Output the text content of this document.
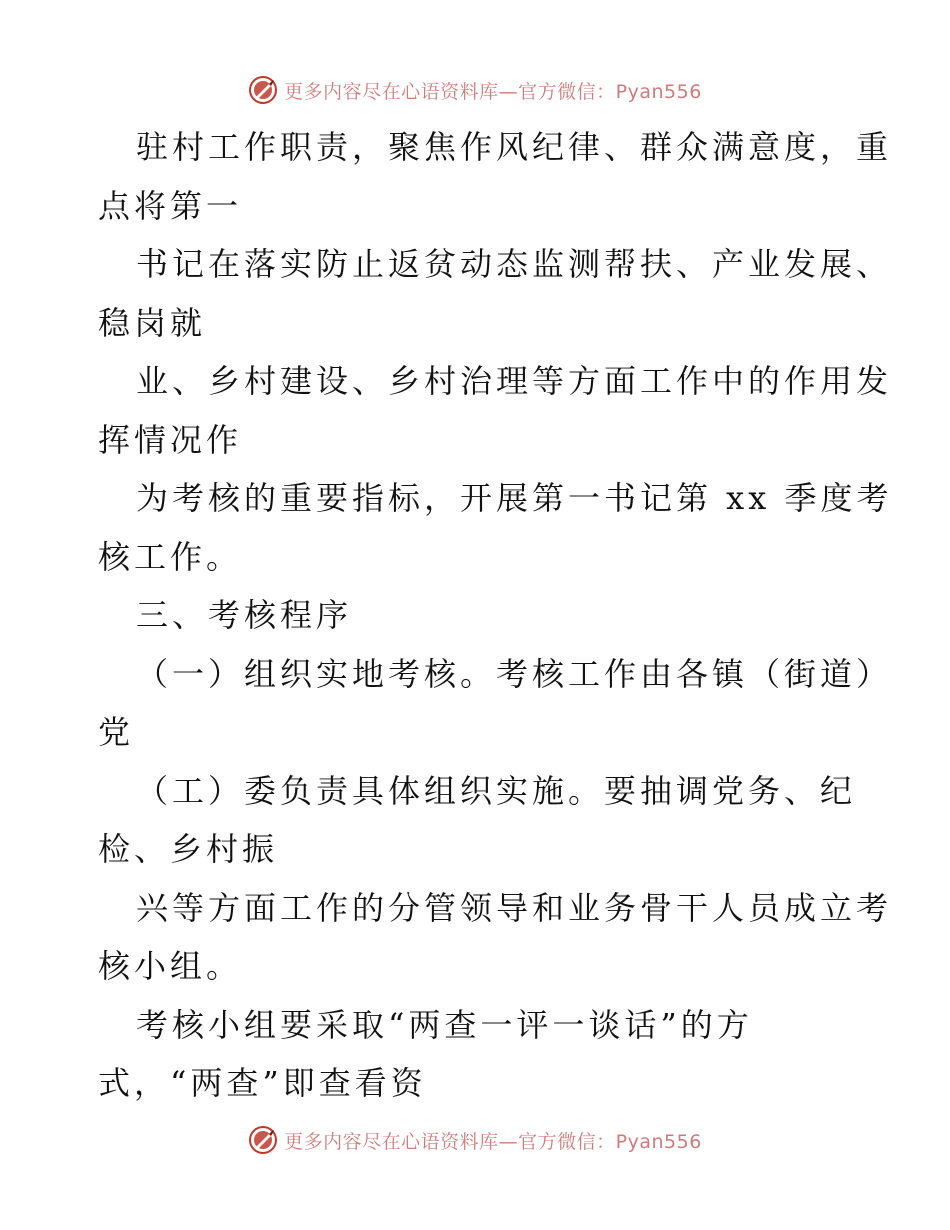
更多内容尽在心语资料库—官方微信：Pyan556
驻村工作职责，聚焦作风纪律、群众满意度，重
点将第一
书记在落实防止返贫动态监测帮扶、产业发展、
稳岗就
业、乡村建设、乡村治理等方面工作中的作用发
挥情况作
为考核的重要指标，开展第一书记第 xx 季度考
核工作。
三、考核程序
（一）组织实地考核。考核工作由各镇（街道）
党
（工）委负责具体组织实施。要抽调党务、纪
检、乡村振
兴等方面工作的分管领导和业务骨干人员成立考
核小组。
考核小组要采取“两查一评一谈话”的方
式，“两查”即查看资
更多内容尽在心语资料库—官方微信：Pyan556
